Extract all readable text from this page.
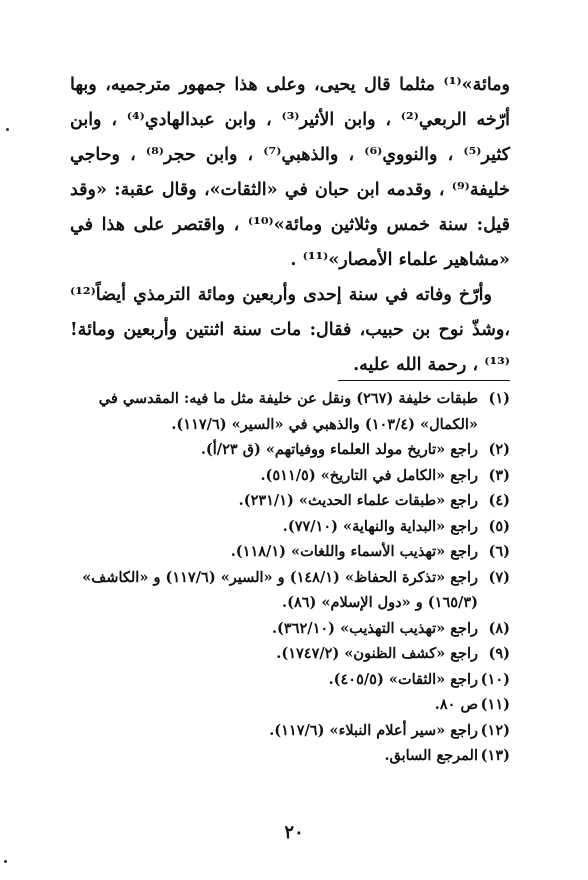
ومائة»⁽¹⁾ مثلما قال يحيى، وعلى هذا جمهور مترجميه، وبها أرّخه الربعي⁽²⁾ ، وابن الأثير⁽³⁾ ، وابن عبدالهادي⁽⁴⁾ ، وابن كثير⁽⁵⁾ ، والنووي⁽⁶⁾ ، والذهبي⁽⁷⁾ ، وابن حجر⁽⁸⁾ ، وحاجي خليفة⁽⁹⁾ ، وقدمه ابن حبان في «الثقات»، وقال عقبة: «وقد قيل: سنة خمس وثلاثين ومائة»⁽¹⁰⁾ ، واقتصر على هذا في «مشاهير علماء الأمصار»⁽¹¹⁾ .

وأرّخ وفاته في سنة إحدى وأربعين ومائة الترمذي أيضاً⁽¹²⁾ ،وشذّ نوح بن حبيب، فقال: مات سنة اثنتين وأربعين ومائة!⁽¹³⁾ ، رحمة الله عليه.

(١)
طبقات خليفة (٢٦٧) ونقل عن خليفة مثل ما فيه: المقدسي في «الكمال» (١٠٣/٤) والذهبي في «السير» (١١٧/٦).
(٢)
راجع «تاريخ مولد العلماء ووفياتهم» (ق ٢٣/أ).
(٣)
راجع «الكامل في التاريخ» (٥١١/٥).
(٤)
راجع «طبقات علماء الحديث» (٢٣١/١).
(٥)
راجع «البداية والنهاية» (٧٧/١٠).
(٦)
راجع «تهذيب الأسماء واللغات» (١١٨/١).
(٧)
راجع «تذكرة الحفاظ» (١٤٨/١) و «السير» (١١٧/٦) و «الكاشف» (١٦٥/٣) و «دول الإسلام» (٨٦).
(٨)
راجع «تهذيب التهذيب» (٣٦٢/١٠).
(٩)
راجع «كشف الظنون» (١٧٤٧/٢).
(١٠)
راجع «الثقات» (٤٠٥/٥).
(١١)
ص ٨٠.
(١٢)
راجع «سير أعلام النبلاء» (١١٧/٦).
(١٣)
المرجع السابق.
٢٠
